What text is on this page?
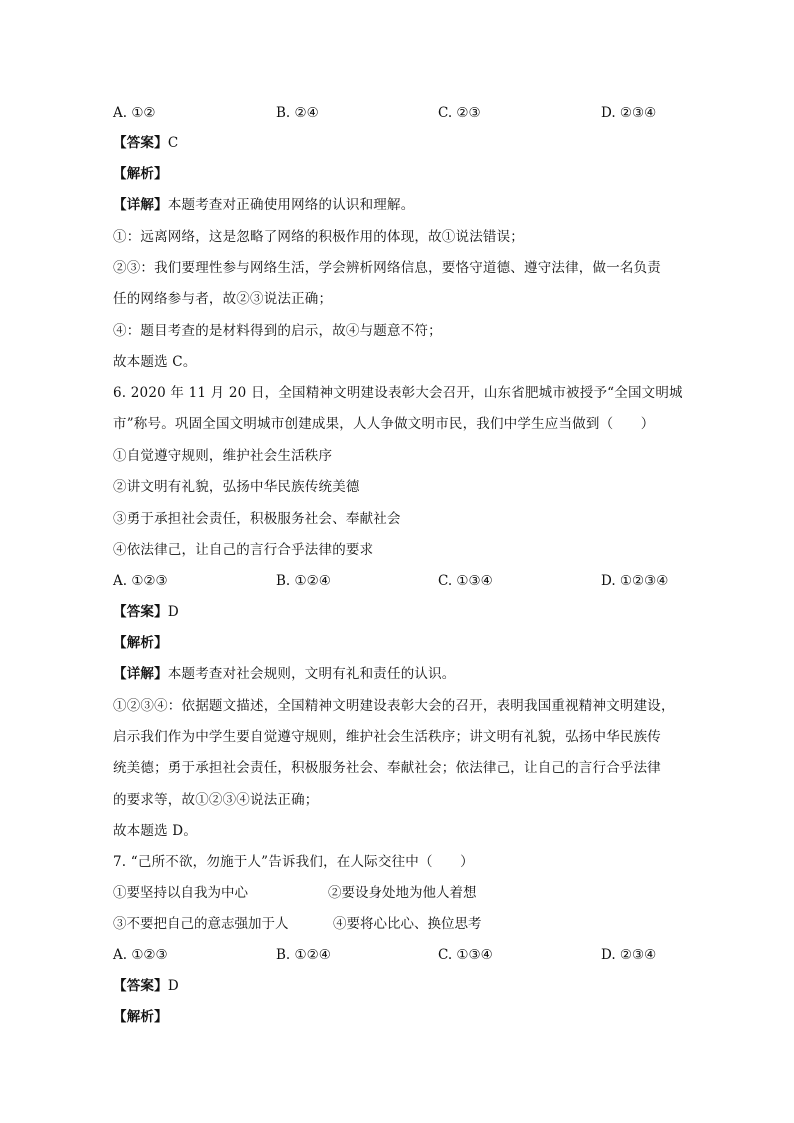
A. ①②	B. ②④	C. ②③	D. ②③④
【答案】C
【解析】
【详解】本题考查对正确使用网络的认识和理解。
①：远离网络，这是忽略了网络的积极作用的体现，故①说法错误；
②③：我们要理性参与网络生活，学会辨析网络信息，要恪守道德、遵守法律，做一名负责
任的网络参与者，故②③说法正确；
④：题目考查的是材料得到的启示，故④与题意不符；
故本题选 C。
6. 2020 年 11 月 20 日，全国精神文明建设表彰大会召开，山东省肥城市被授予“全国文明城
市”称号。巩固全国文明城市创建成果，人人争做文明市民，我们中学生应当做到（　　）
①自觉遵守规则，维护社会生活秩序
②讲文明有礼貌，弘扬中华民族传统美德
③勇于承担社会责任，积极服务社会、奉献社会
④依法律己，让自己的言行合乎法律的要求
A. ①②③	B. ①②④	C. ①③④	D. ①②③④
【答案】D
【解析】
【详解】本题考查对社会规则，文明有礼和责任的认识。
①②③④：依据题文描述，全国精神文明建设表彰大会的召开，表明我国重视精神文明建设，
启示我们作为中学生要自觉遵守规则，维护社会生活秩序；讲文明有礼貌，弘扬中华民族传
统美德；勇于承担社会责任，积极服务社会、奉献社会；依法律己，让自己的言行合乎法律
的要求等，故①②③④说法正确；
故本题选 D。
7. “己所不欲，勿施于人”告诉我们，在人际交往中（　　）
①要坚持以自我为中心	②要设身处地为他人着想
③不要把自己的意志强加于人	④要将心比心、换位思考
A. ①②③	B. ①②④	C. ①③④	D. ②③④
【答案】D
【解析】
